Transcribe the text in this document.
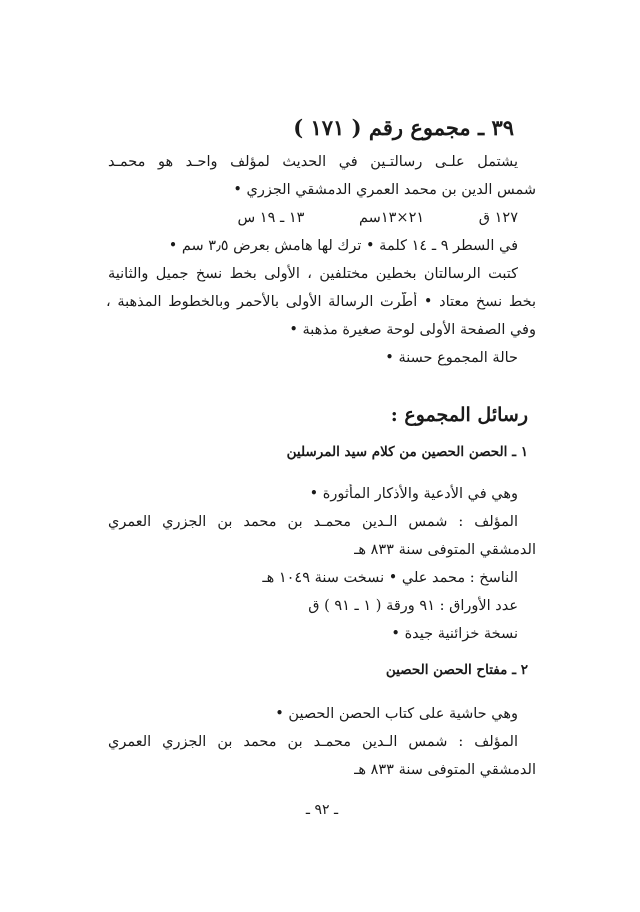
٣٩ ـ مجموع رقم ( ١٧١ )
يشتمل علـى رسالتـين في الحديث لمؤلف واحـد هو محمـد
شمس الدين بن محمد العمري الدمشقي الجزري •
١٢٧ ق ٢١×١٣سم ١٣ ـ ١٩ س
في السطر ٩ ـ ١٤ كلمة • ترك لها هامش بعرض ٣٫٥ سم •
كتبت الرسالتان بخطين مختلفين ، الأولى بخط نسخ جميل والثانية
بخط نسخ معتاد • أطّرت الرسالة الأولى بالأحمر وبالخطوط المذهبة ،
وفي الصفحة الأولى لوحة صغيرة مذهبة •
حالة المجموع حسنة •
رسائل المجموع :
١ ـ الحصن الحصين من كلام سيد المرسلين
وهي في الأدعية والأذكار المأثورة •
المؤلف : شمس الـدين محمـد بن محمد بن الجزري العمري
الدمشقي المتوفى سنة ٨٣٣ هـ
الناسخ : محمد علي • نسخت سنة ١٠٤٩ هـ
عدد الأوراق : ٩١ ورقة ( ١ ـ ٩١ ) ق
نسخة خزائنية جيدة •
٢ ـ مفتاح الحصن الحصين
وهي حاشية على كتاب الحصن الحصين •
المؤلف : شمس الـدين محمـد بن محمد بن الجزري العمري
الدمشقي المتوفى سنة ٨٣٣ هـ
ـ ٩٢ ـ
